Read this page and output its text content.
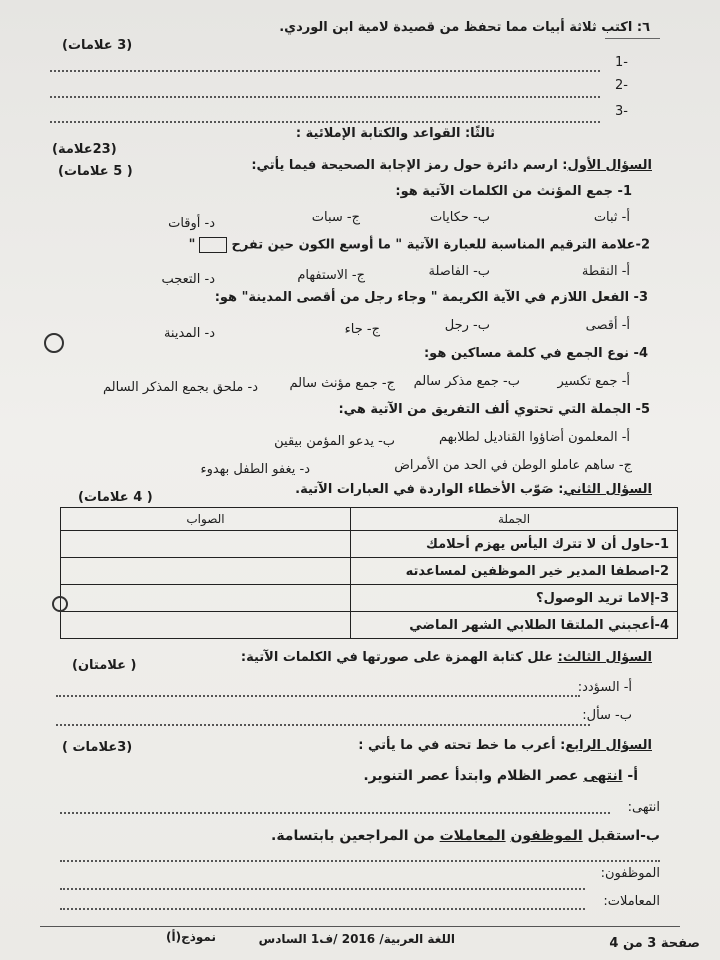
٦: اكتب ثلاثة أبيات مما تحفظ من قصيدة لامية ابن الوردي.
(3 علامات)
-1
-2
-3
ثالثًا: القواعد والكتابة الإملائية :
(23علامة)
السؤال الأول: ارسم دائرة حول رمز الإجابة الصحيحة فيما يأتي:
( 5 علامات)
1- جمع المؤنث من الكلمات الآتية هو:
أ- ثبات
ب- حكايات
ج- سبات
د- أوقات
2-علامة الترقيم المناسبة للعبارة الآتية " ما أوسع الكون حين تفرح"
أ- النقطة
ب- الفاصلة
ج- الاستفهام
د- التعجب
3- الفعل اللازم في الآية الكريمة " وجاء رجل من أقصى المدينة" هو:
أ- أقصى
ب- رجل
ج- جاء
د- المدينة
4- نوع الجمع في كلمة مساكين هو:
أ- جمع تكسير
ب- جمع مذكر سالم
ج- جمع مؤنث سالم
د- ملحق بجمع المذكر السالم
5- الجملة التي تحتوي ألف التفريق من الآتية هي:
أ- المعلمون أضاؤوا القناديل لطلابهم
ب- يدعو المؤمن بيقين
ج- ساهم عاملو الوطن في الحد من الأمراض
د- يغفو الطفل بهدوء
السؤال الثاني: صَوّب الأخطاء الواردة في العبارات الآتية.
( 4 علامات)
الجملة	الصواب
1-حاول أن لا تترك اليأس يهزم أحلامك	
2-اصطفا المدير خير الموظفين لمساعدته	
3-إلاما تريد الوصول؟	
4-أعجبني الملتقا الطلابي الشهر الماضي	
السؤال الثالث: علل كتابة الهمزة على صورتها في الكلمات الآتية:
( علامتان)
أ- السؤدد:
ب- سأل:
السؤال الرابع: أعرب ما خط تحته في ما يأتي :
(3علامات )
أ- انتهى عصر الظلام وابتدأ عصر التنوير.
انتهى:
ب-استقبل الموظفون المعاملات من المراجعين بابتسامة.
الموظفون:
المعاملات:
صفحة 3 من 4
اللغة العربية/ 2016 /ف1 السادس
نموذج(أ)
